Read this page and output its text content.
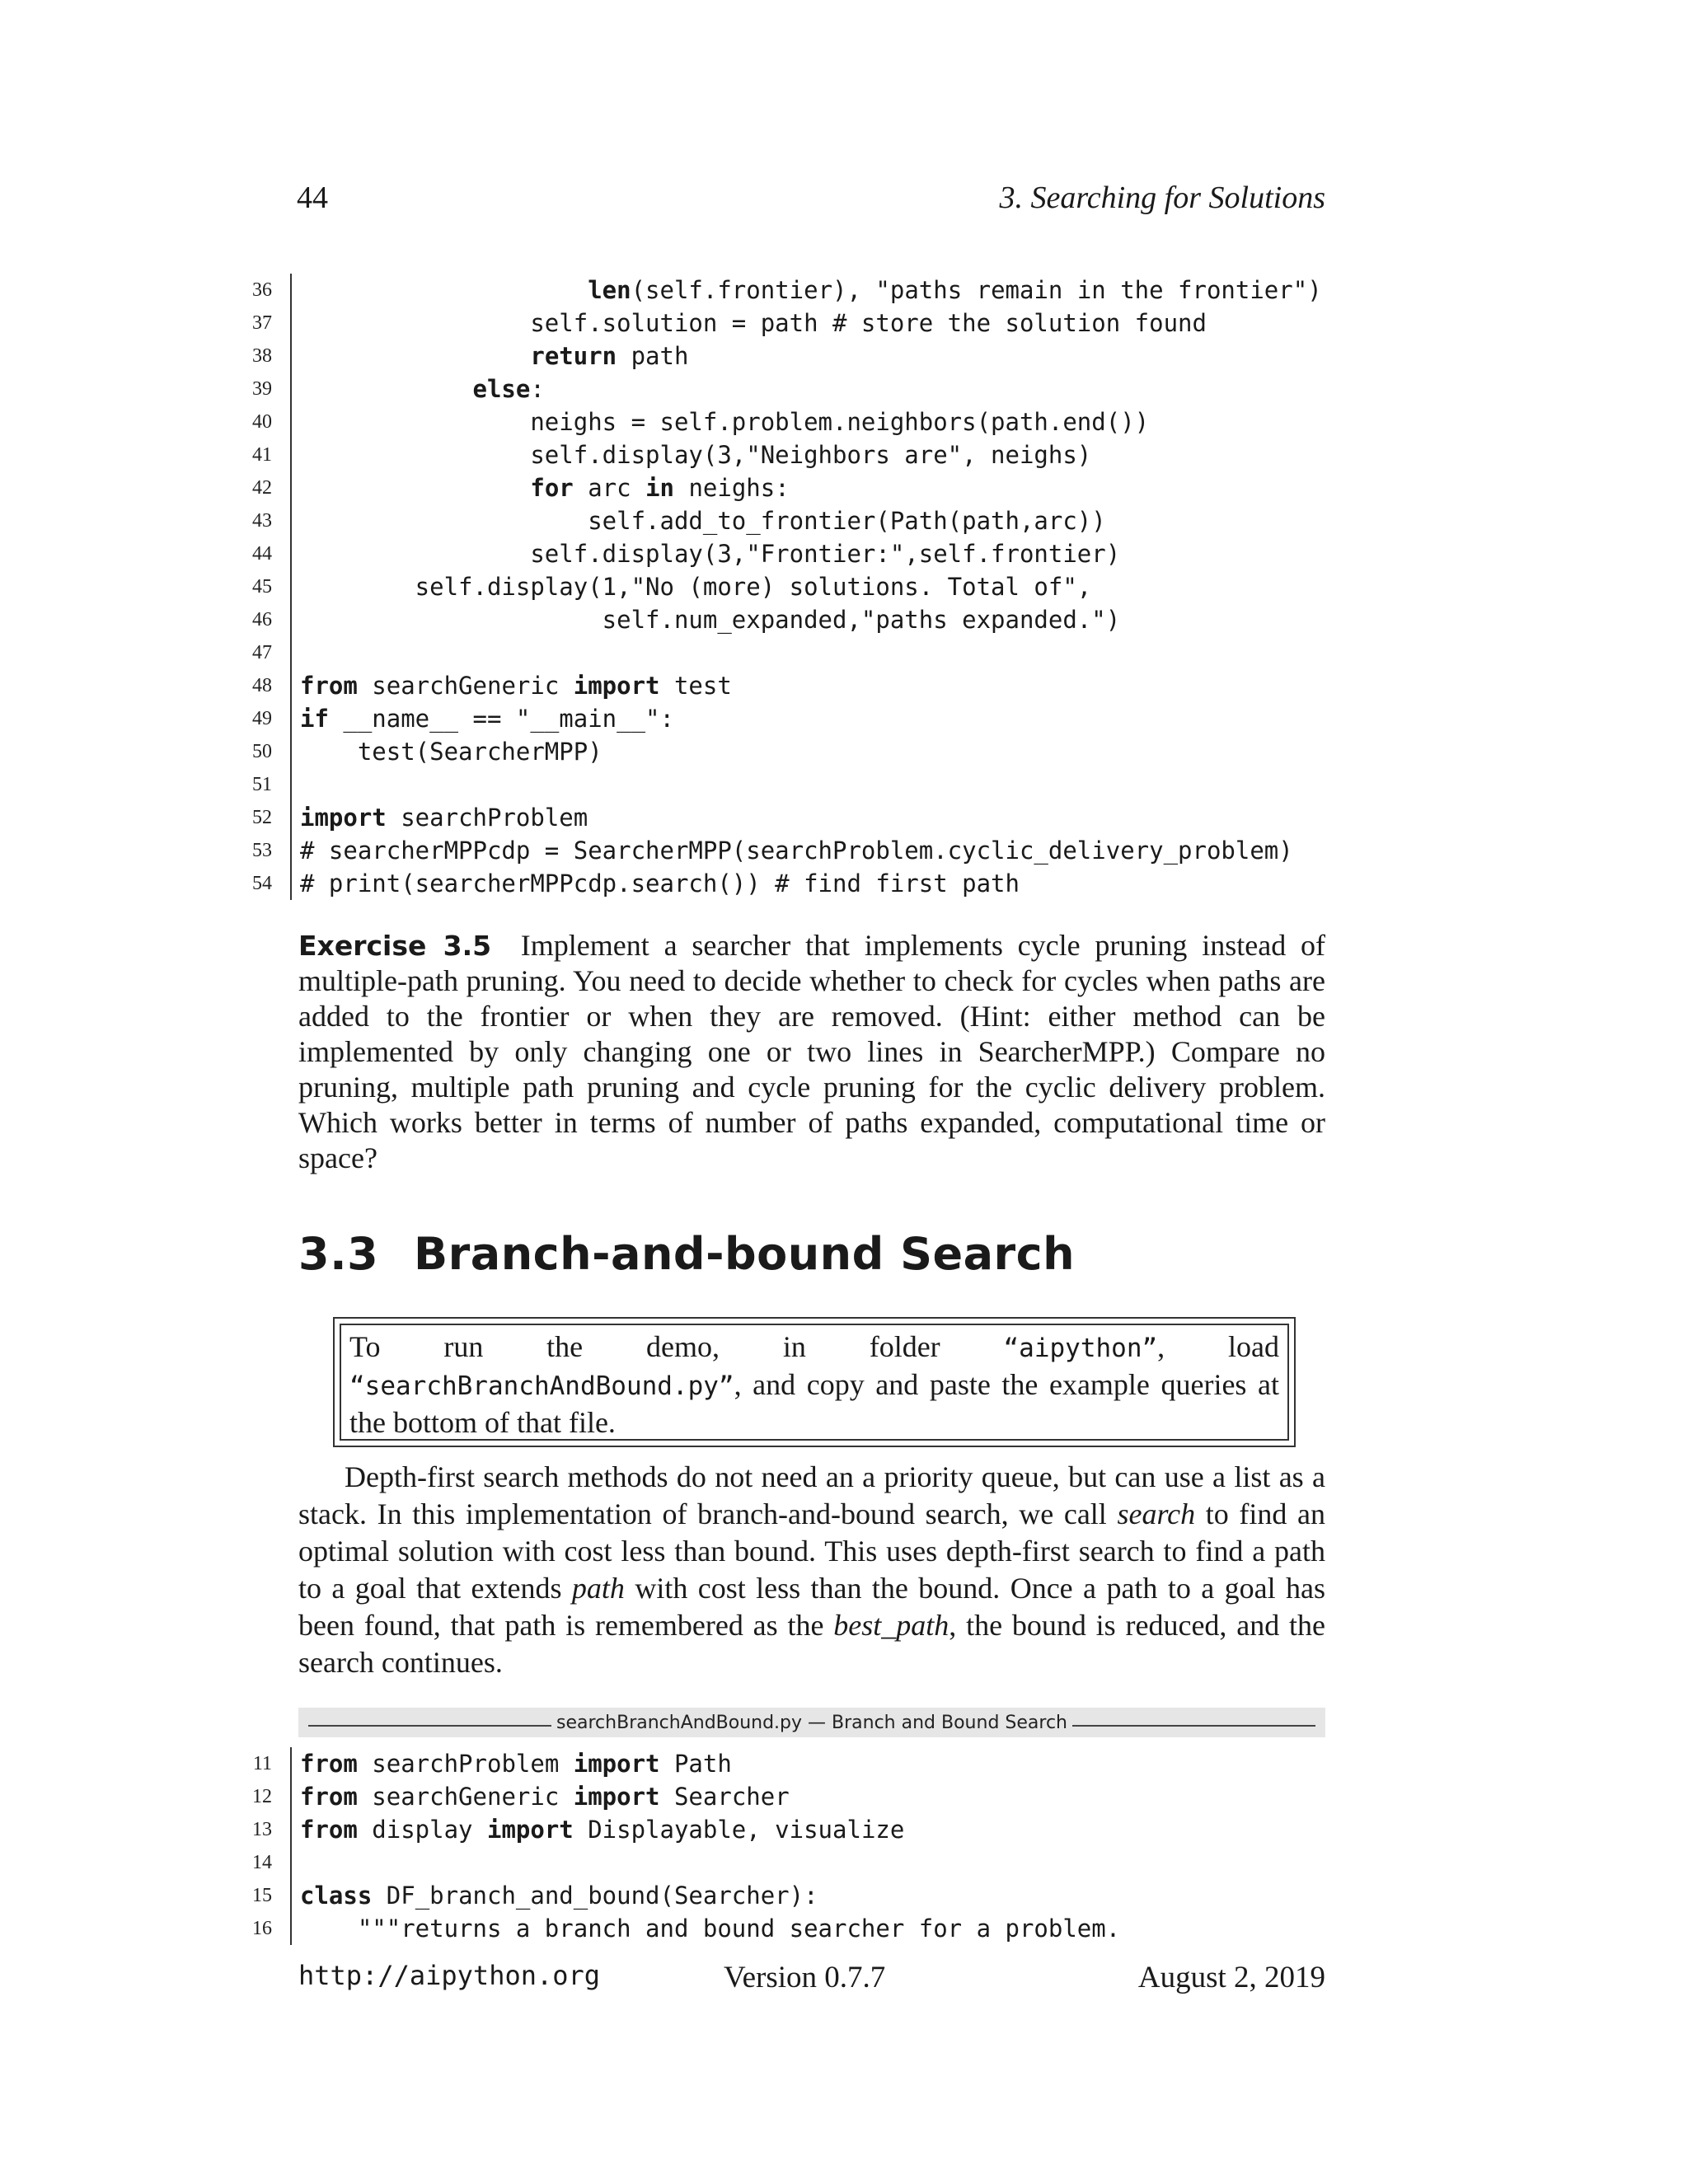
44	3. Searching for Solutions
36	len(self.frontier), "paths remain in the frontier")
37 self.solution = path # store the solution found
38	return path
39	else:
40 neighs = self.problem.neighbors(path.end())
41 self.display(3,"Neighbors are", neighs)
42	for arc in neighs:
43 self.add_to_frontier(Path(path,arc))
44 self.display(3,"Frontier:",self.frontier)
45 self.display(1,"No (more) solutions. Total of",
46 self.num_expanded,"paths expanded.")
47
48 from searchGeneric import test
49 if __name__ == "__main__":
50 test(SearcherMPP)
51
52 import searchProblem
53 # searcherMPPcdp = SearcherMPP(searchProblem.cyclic_delivery_problem)
54 # print(searcherMPPcdp.search()) # find first path
Exercise 3.5 Implement a searcher that implements cycle pruning instead of multiple-path pruning. You need to decide whether to check for cycles when paths are added to the frontier or when they are removed. (Hint: either method can be implemented by only changing one or two lines in SearcherMPP.) Compare no pruning, multiple path pruning and cycle pruning for the cyclic delivery problem. Which works better in terms of number of paths expanded, computational time or space?
3.3 Branch-and-bound Search
To run the demo, in folder “aipython”, load “searchBranchAndBound.py”, and copy and paste the example queries at the bottom of that file.
Depth-first search methods do not need an a priority queue, but can use a list as a stack. In this implementation of branch-and-bound search, we call search to find an optimal solution with cost less than bound. This uses depth-first search to find a path to a goal that extends path with cost less than the bound. Once a path to a goal has been found, that path is remembered as the best_path, the bound is reduced, and the search continues.
searchBranchAndBound.py — Branch and Bound Search
11 from searchProblem import Path
12 from searchGeneric import Searcher
13 from display import Displayable, visualize
14
15 class DF_branch_and_bound(Searcher):
16 """returns a branch and bound searcher for a problem.
http://aipython.org	Version 0.7.7	August 2, 2019
